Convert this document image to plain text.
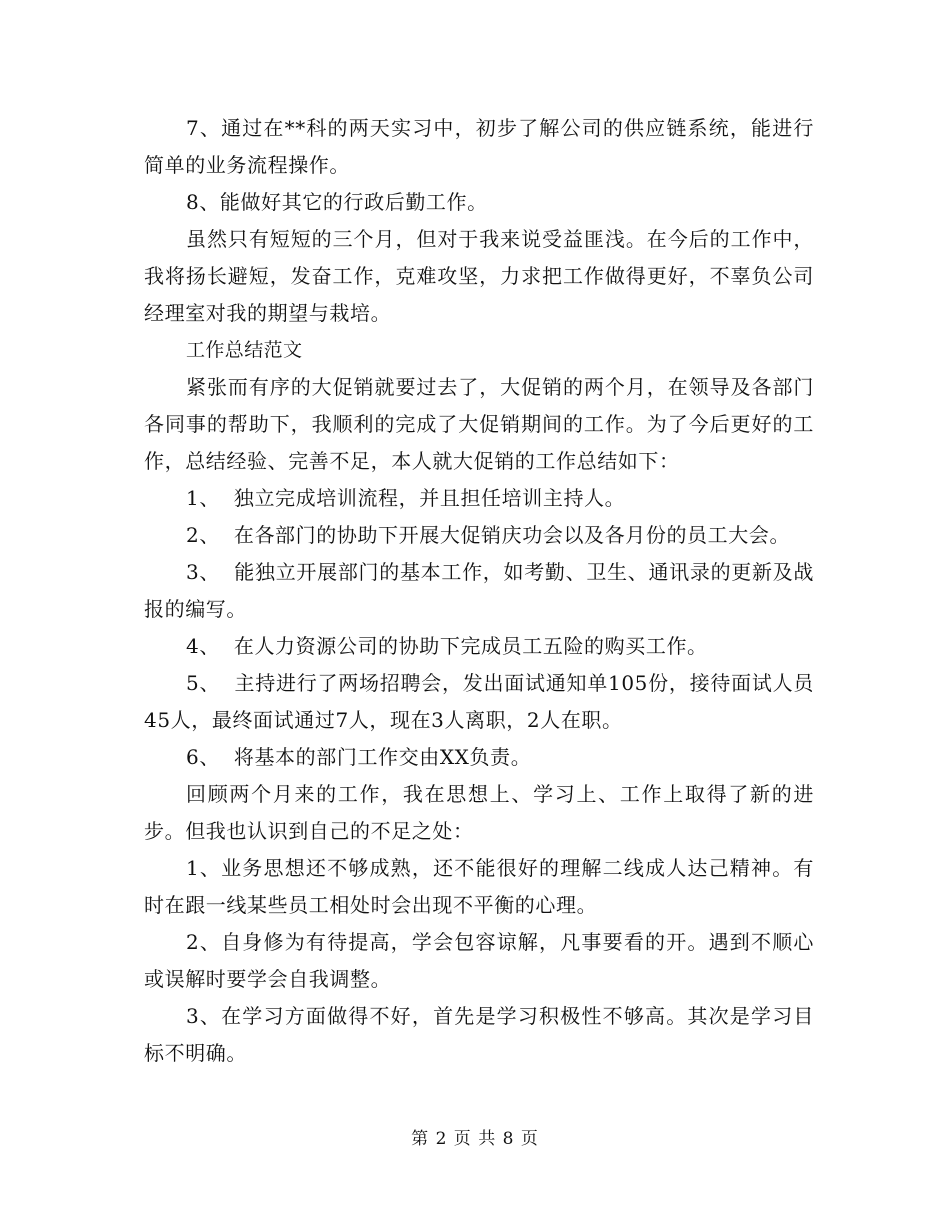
7、通过在**科的两天实习中，初步了解公司的供应链系统，能进行简单的业务流程操作。

8、能做好其它的行政后勤工作。

虽然只有短短的三个月，但对于我来说受益匪浅。在今后的工作中，我将扬长避短，发奋工作，克难攻坚，力求把工作做得更好，不辜负公司经理室对我的期望与栽培。

工作总结范文

紧张而有序的大促销就要过去了，大促销的两个月，在领导及各部门各同事的帮助下，我顺利的完成了大促销期间的工作。为了今后更好的工作，总结经验、完善不足，本人就大促销的工作总结如下：

1、  独立完成培训流程，并且担任培训主持人。

2、  在各部门的协助下开展大促销庆功会以及各月份的员工大会。

3、  能独立开展部门的基本工作，如考勤、卫生、通讯录的更新及战报的编写。

4、  在人力资源公司的协助下完成员工五险的购买工作。

5、  主持进行了两场招聘会，发出面试通知单105份，接待面试人员45人，最终面试通过7人，现在3人离职，2人在职。

6、  将基本的部门工作交由XX负责。

回顾两个月来的工作，我在思想上、学习上、工作上取得了新的进步。但我也认识到自己的不足之处：

1、业务思想还不够成熟，还不能很好的理解二线成人达己精神。有时在跟一线某些员工相处时会出现不平衡的心理。

2、自身修为有待提高，学会包容谅解，凡事要看的开。遇到不顺心或误解时要学会自我调整。

3、在学习方面做得不好，首先是学习积极性不够高。其次是学习目标不明确。

第 2 页 共 8 页
